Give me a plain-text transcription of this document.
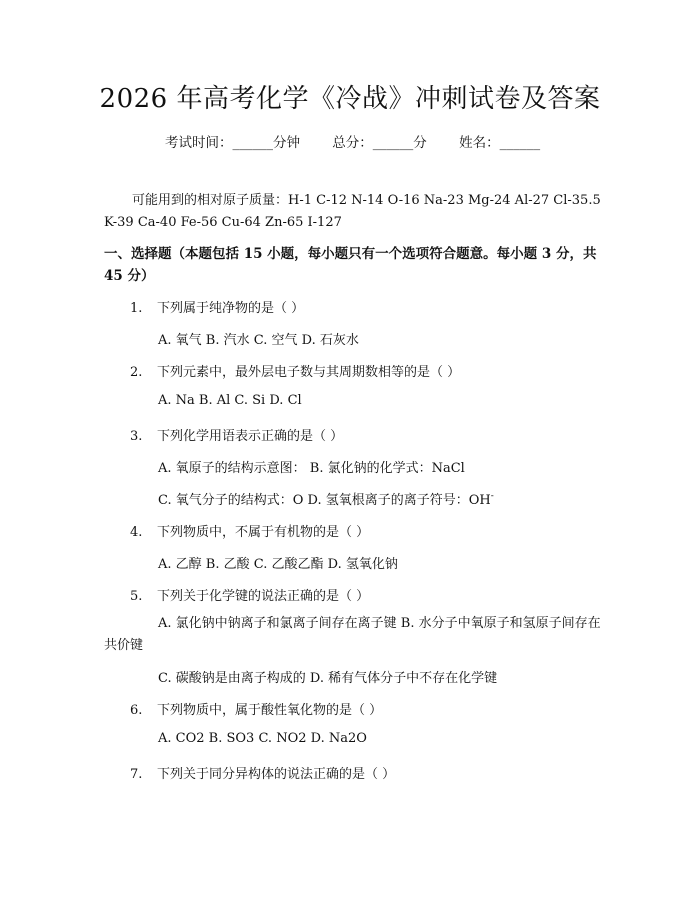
2026 年高考化学《冷战》冲刺试卷及答案
考试时间：______分钟 总分：______分 姓名：______
可能用到的相对原子质量：H-1 C-12 N-14 O-16 Na-23 Mg-24 Al-27 Cl-35.5 K-39 Ca-40 Fe-56 Cu-64 Zn-65 I-127
一、选择题（本题包括 15 小题，每小题只有一个选项符合题意。每小题 3 分，共 45 分）
1. 下列属于纯净物的是（ ）
A. 氧气 B. 汽水 C. 空气 D. 石灰水
2. 下列元素中，最外层电子数与其周期数相等的是（ ）
A. Na B. Al C. Si D. Cl
3. 下列化学用语表示正确的是（ ）
A. 氧原子的结构示意图： B. 氯化钠的化学式：NaCl
C. 氧气分子的结构式：O D. 氢氧根离子的离子符号：OH-
4. 下列物质中，不属于有机物的是（ ）
A. 乙醇 B. 乙酸 C. 乙酸乙酯 D. 氢氧化钠
5. 下列关于化学键的说法正确的是（ ）
A. 氯化钠中钠离子和氯离子间存在离子键 B. 水分子中氧原子和氢原子间存在共价键
C. 碳酸钠是由离子构成的 D. 稀有气体分子中不存在化学键
6. 下列物质中，属于酸性氧化物的是（ ）
A. CO2 B. SO3 C. NO2 D. Na2O
7. 下列关于同分异构体的说法正确的是（ ）
